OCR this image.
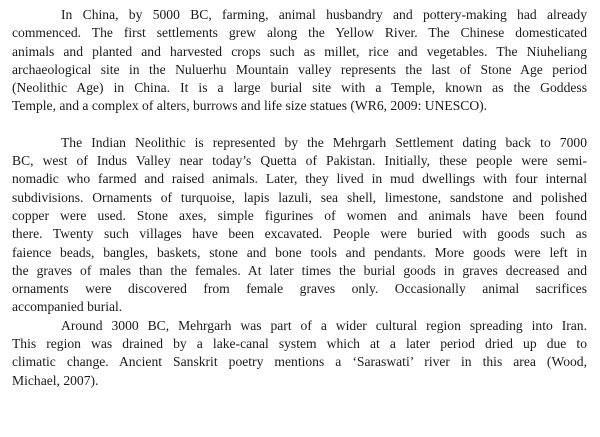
In China, by 5000 BC, farming, animal husbandry and pottery-making had already
commenced. The first settlements grew along the Yellow River. The Chinese domesticated
animals and planted and harvested crops such as millet, rice and vegetables. The Niuheliang
archaeological site in the Nuluerhu Mountain valley represents the last of Stone Age period
(Neolithic Age) in China. It is a large burial site with a Temple, known as the Goddess
Temple, and a complex of alters, burrows and life size statues (WR6, 2009: UNESCO).

The Indian Neolithic is represented by the Mehrgarh Settlement dating back to 7000
BC, west of Indus Valley near today’s Quetta of Pakistan. Initially, these people were semi-
nomadic who farmed and raised animals. Later, they lived in mud dwellings with four internal
subdivisions. Ornaments of turquoise, lapis lazuli, sea shell, limestone, sandstone and polished
copper were used. Stone axes, simple figurines of women and animals have been found
there. Twenty such villages have been excavated. People were buried with goods such as
faience beads, bangles, baskets, stone and bone tools and pendants. More goods were left in
the graves of males than the females. At later times the burial goods in graves decreased and
ornaments were discovered from female graves only. Occasionally animal sacrifices
accompanied burial.

Around 3000 BC, Mehrgarh was part of a wider cultural region spreading into Iran.
This region was drained by a lake-canal system which at a later period dried up due to
climatic change. Ancient Sanskrit poetry mentions a ‘Saraswati’ river in this area (Wood,
Michael, 2007).
